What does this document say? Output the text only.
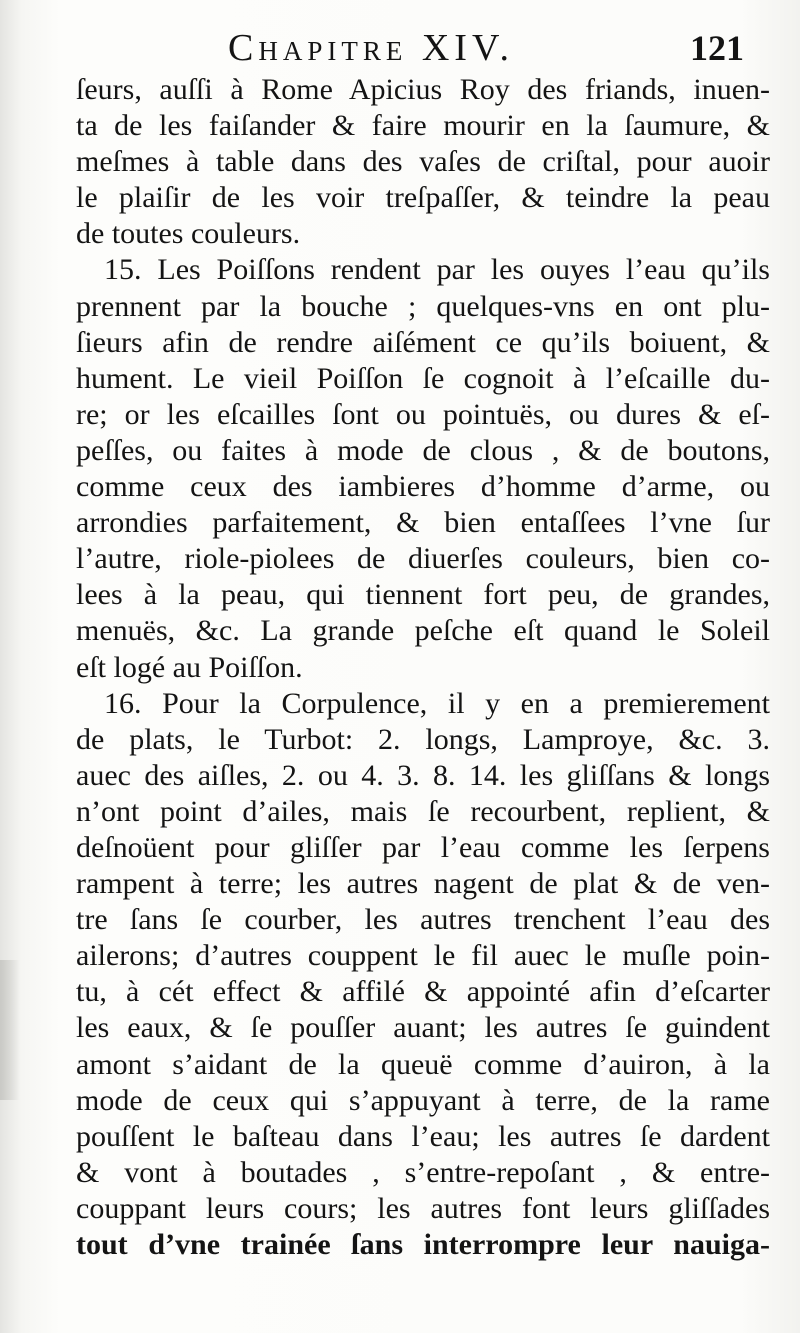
Chapitre XIV.	121
ſeurs, auſſi à Rome Apicius Roy des friands, inuen-
ta de les faiſander & faire mourir en la ſaumure, &
meſmes à table dans des vaſes de criſtal, pour auoir
le plaiſir de les voir treſpaſſer, & teindre la peau
de toutes couleurs.
15. Les Poiſſons rendent par les ouyes l’eau qu’ils
prennent par la bouche ; quelques-vns en ont plu-
ſieurs afin de rendre aiſément ce qu’ils boiuent, &
hument. Le vieil Poiſſon ſe cognoit à l’eſcaille du-
re; or les eſcailles ſont ou pointuës, ou dures & eſ-
peſſes, ou faites à mode de clous , & de boutons,
comme ceux des iambieres d’homme d’arme, ou
arrondies parfaitement, & bien entaſſees l’vne ſur
l’autre, riole-piolees de diuerſes couleurs, bien co-
lees à la peau, qui tiennent fort peu, de grandes,
menuës, &c. La grande peſche eſt quand le Soleil
eſt logé au Poiſſon.
16. Pour la Corpulence, il y en a premierement
de plats, le Turbot: 2. longs, Lamproye, &c. 3.
auec des aiſles, 2. ou 4. 3. 8. 14. les gliſſans & longs
n’ont point d’ailes, mais ſe recourbent, replient, &
deſnoüent pour gliſſer par l’eau comme les ſerpens
rampent à terre; les autres nagent de plat & de ven-
tre ſans ſe courber, les autres trenchent l’eau des
ailerons; d’autres couppent le fil auec le muſle poin-
tu, à cét effect & affilé & appointé afin d’eſcarter
les eaux, & ſe pouſſer auant; les autres ſe guindent
amont s’aidant de la queuë comme d’auiron, à la
mode de ceux qui s’appuyant à terre, de la rame
pouſſent le baſteau dans l’eau; les autres ſe dardent
& vont à boutades , s’entre-repoſant , & entre-
couppant leurs cours; les autres font leurs gliſſades
tout d’vne trainée ſans interrompre leur nauiga-
